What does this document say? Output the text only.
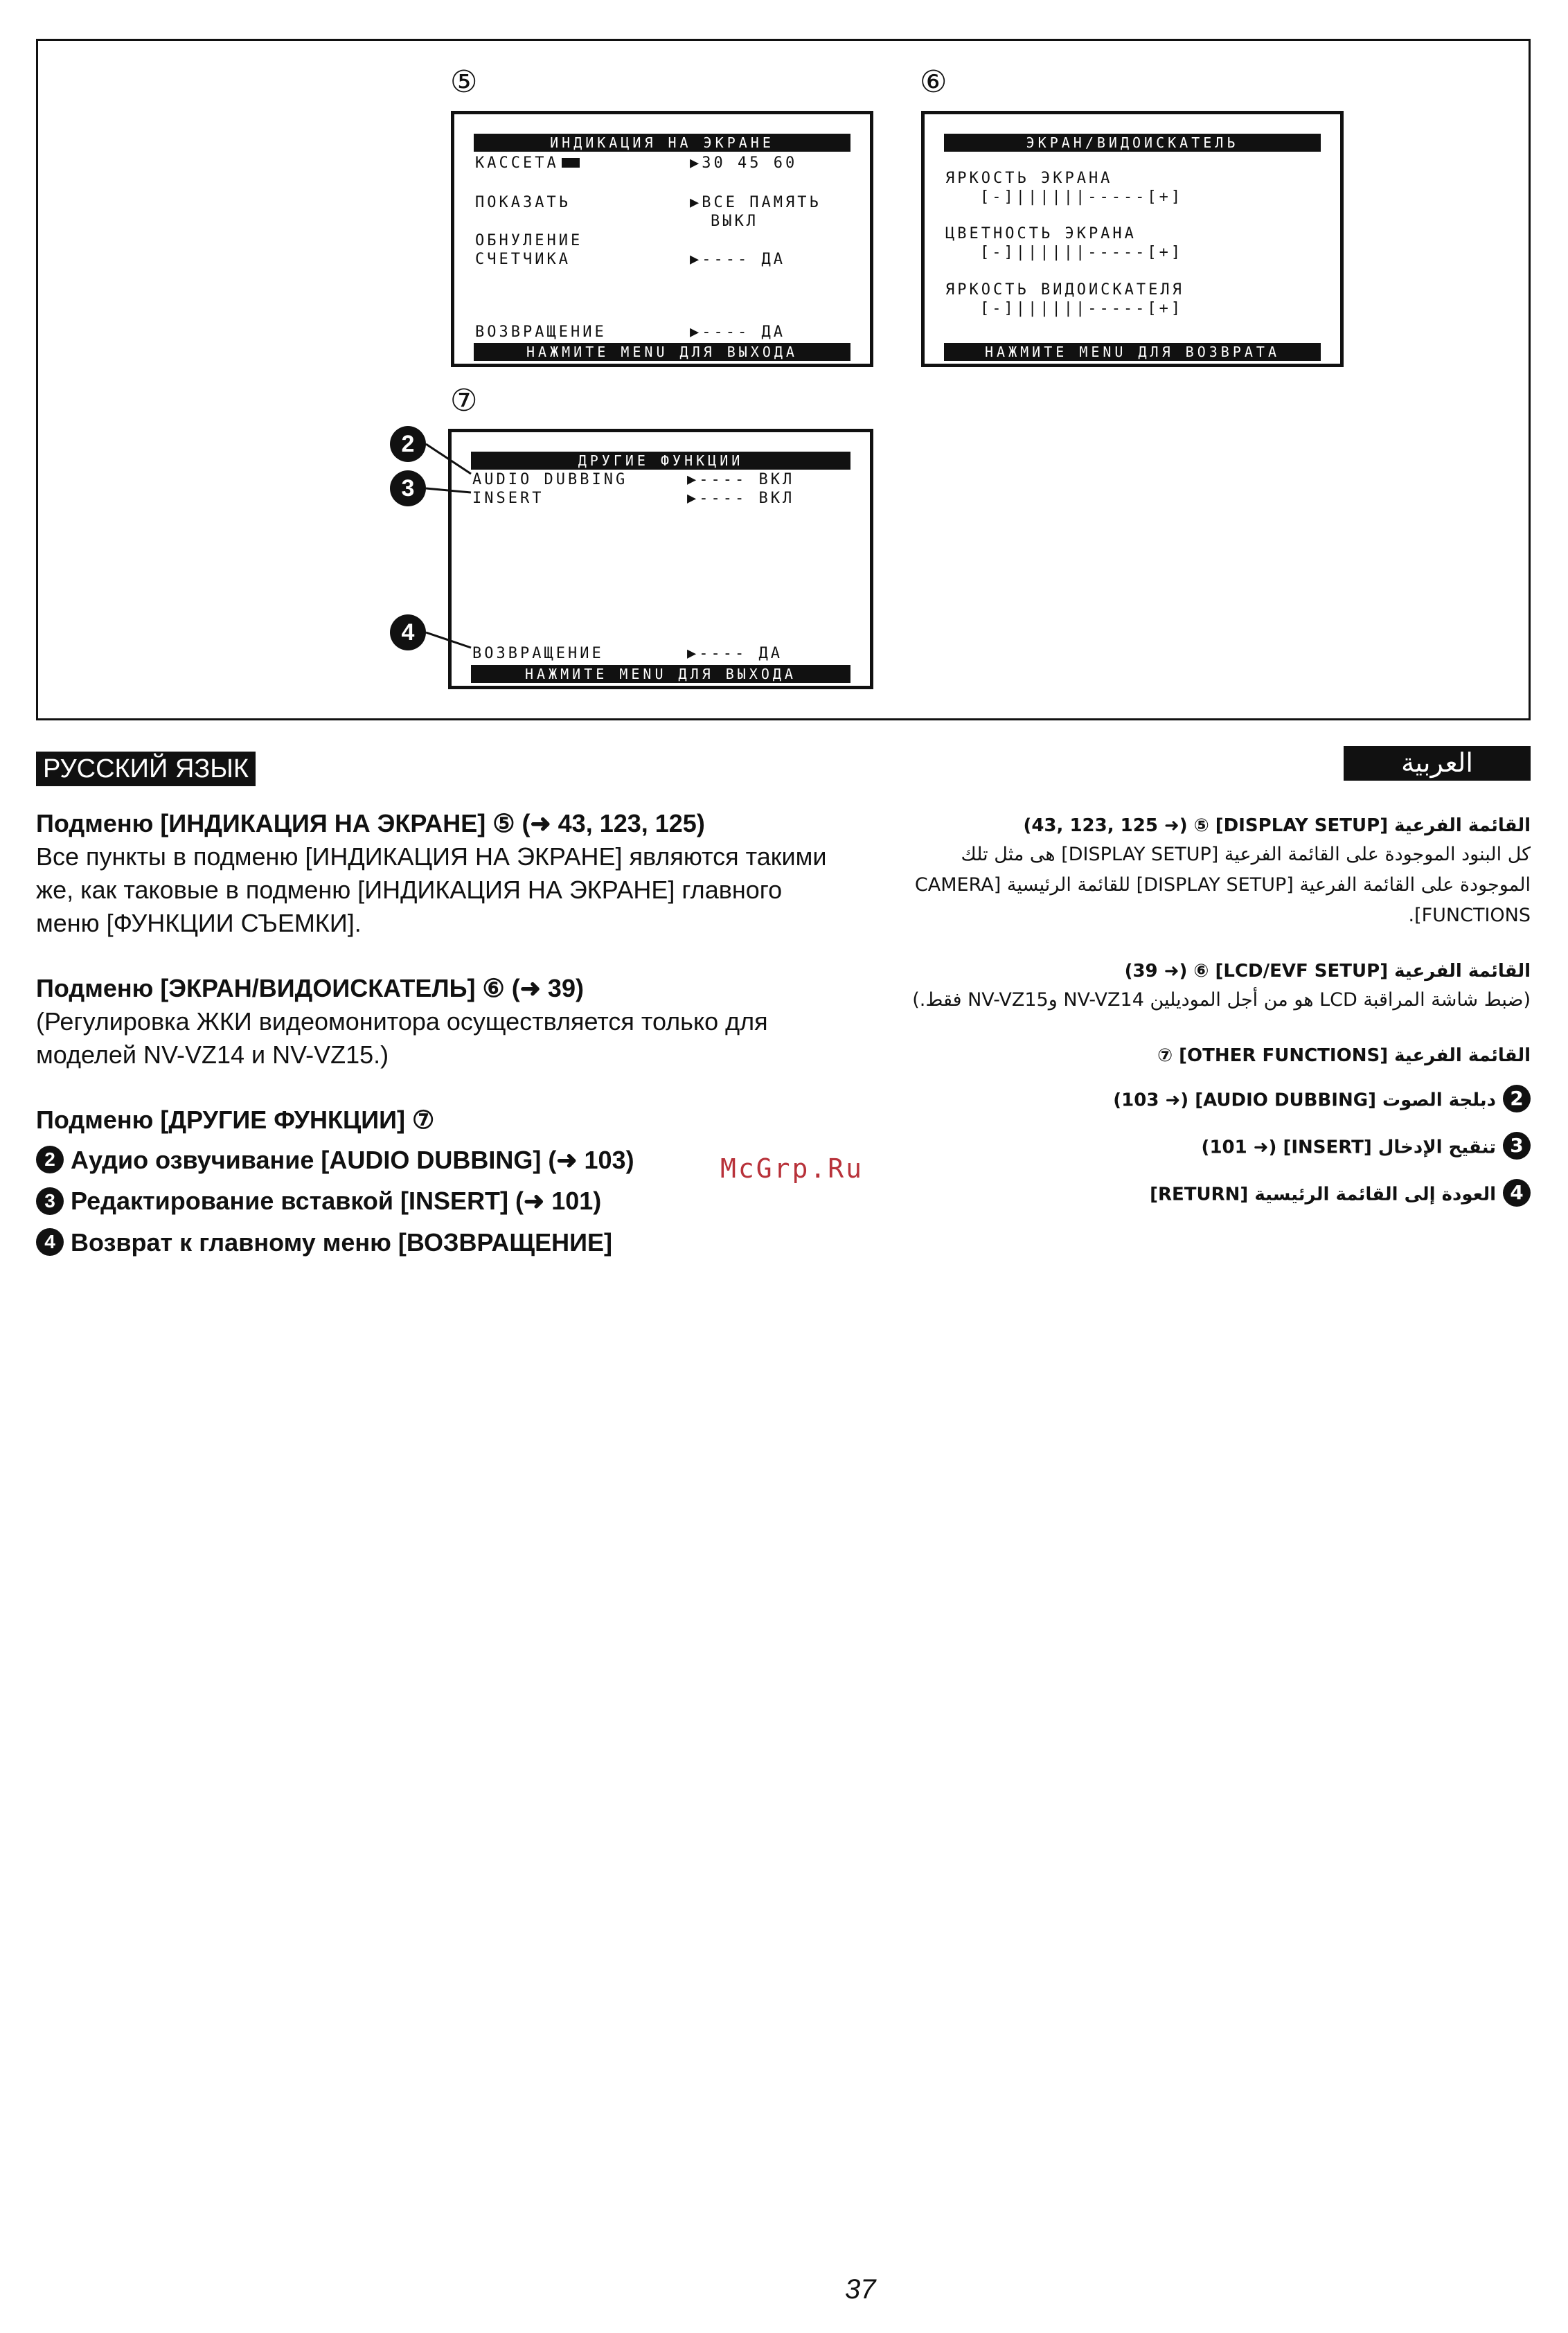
⑤
ИНДИКАЦИЯ НА ЭКРАНЕ
КАССЕТА	▶30 45 60
ПОКАЗАТЬ	▶ВСЕ ПАМЯТЬ
ВЫКЛ
ОБНУЛЕНИЕ
СЧЕТЧИКА	▶---- ДА
ВОЗВРАЩЕНИЕ	▶---- ДА
НАЖМИТЕ MENU ДЛЯ ВЫХОДА
⑥
ЭКРАН/ВИДОИСКАТЕЛЬ
ЯРКОСТЬ ЭКРАНА
[-]||||||-----[+]
ЦВЕТНОСТЬ ЭКРАНА
[-]||||||-----[+]
ЯРКОСТЬ ВИДОИСКАТЕЛЯ
[-]||||||-----[+]
НАЖМИТЕ MENU ДЛЯ ВОЗВРАТА
⑦
ДРУГИЕ ФУНКЦИИ
AUDIO DUBBING	▶---- ВКЛ
INSERT	▶---- ВКЛ
ВОЗВРАЩЕНИЕ	▶---- ДА
НАЖМИТЕ MENU ДЛЯ ВЫХОДА
2
3
4
РУССКИЙ ЯЗЫК
Подменю [ИНДИКАЦИЯ НА ЭКРАНЕ] ⑤ (➜ 43, 123, 125)
Все пункты в подменю [ИНДИКАЦИЯ НА ЭКРАНЕ] являются такими же, как таковые в подменю [ИНДИКАЦИЯ НА ЭКРАНЕ] главного меню [ФУНКЦИИ СЪЕМКИ].
Подменю [ЭКРАН/ВИДОИСКАТЕЛЬ] ⑥ (➜ 39)
(Регулировка ЖКИ видеомонитора осуществляется только для моделей NV-VZ14 и NV-VZ15.)
Подменю [ДРУГИЕ ФУНКЦИИ] ⑦
2 Аудио озвучивание [AUDIO DUBBING] (➜ 103)
3 Редактирование вставкой [INSERT] (➜ 101)
4 Возврат к главному меню [ВОЗВРАЩЕНИЕ]
McGrp.Ru
العربية
القائمة الفرعية [DISPLAY SETUP] ⑤ (➜ 43, 123, 125)
كل البنود الموجودة على القائمة الفرعية [DISPLAY SETUP] هى مثل تلك الموجودة على القائمة الفرعية [DISPLAY SETUP] للقائمة الرئيسية [CAMERA FUNCTIONS].
القائمة الفرعية [LCD/EVF SETUP] ⑥ (➜ 39)
(ضبط شاشة المراقبة LCD هو من أجل الموديلين NV-VZ14 وNV-VZ15 فقط.)
القائمة الفرعية [OTHER FUNCTIONS] ⑦
2دبلجة الصوت [AUDIO DUBBING] (➜ 103)
3تنقيح الإدخال [INSERT] (➜ 101)
4العودة إلى القائمة الرئيسية [RETURN]
37
